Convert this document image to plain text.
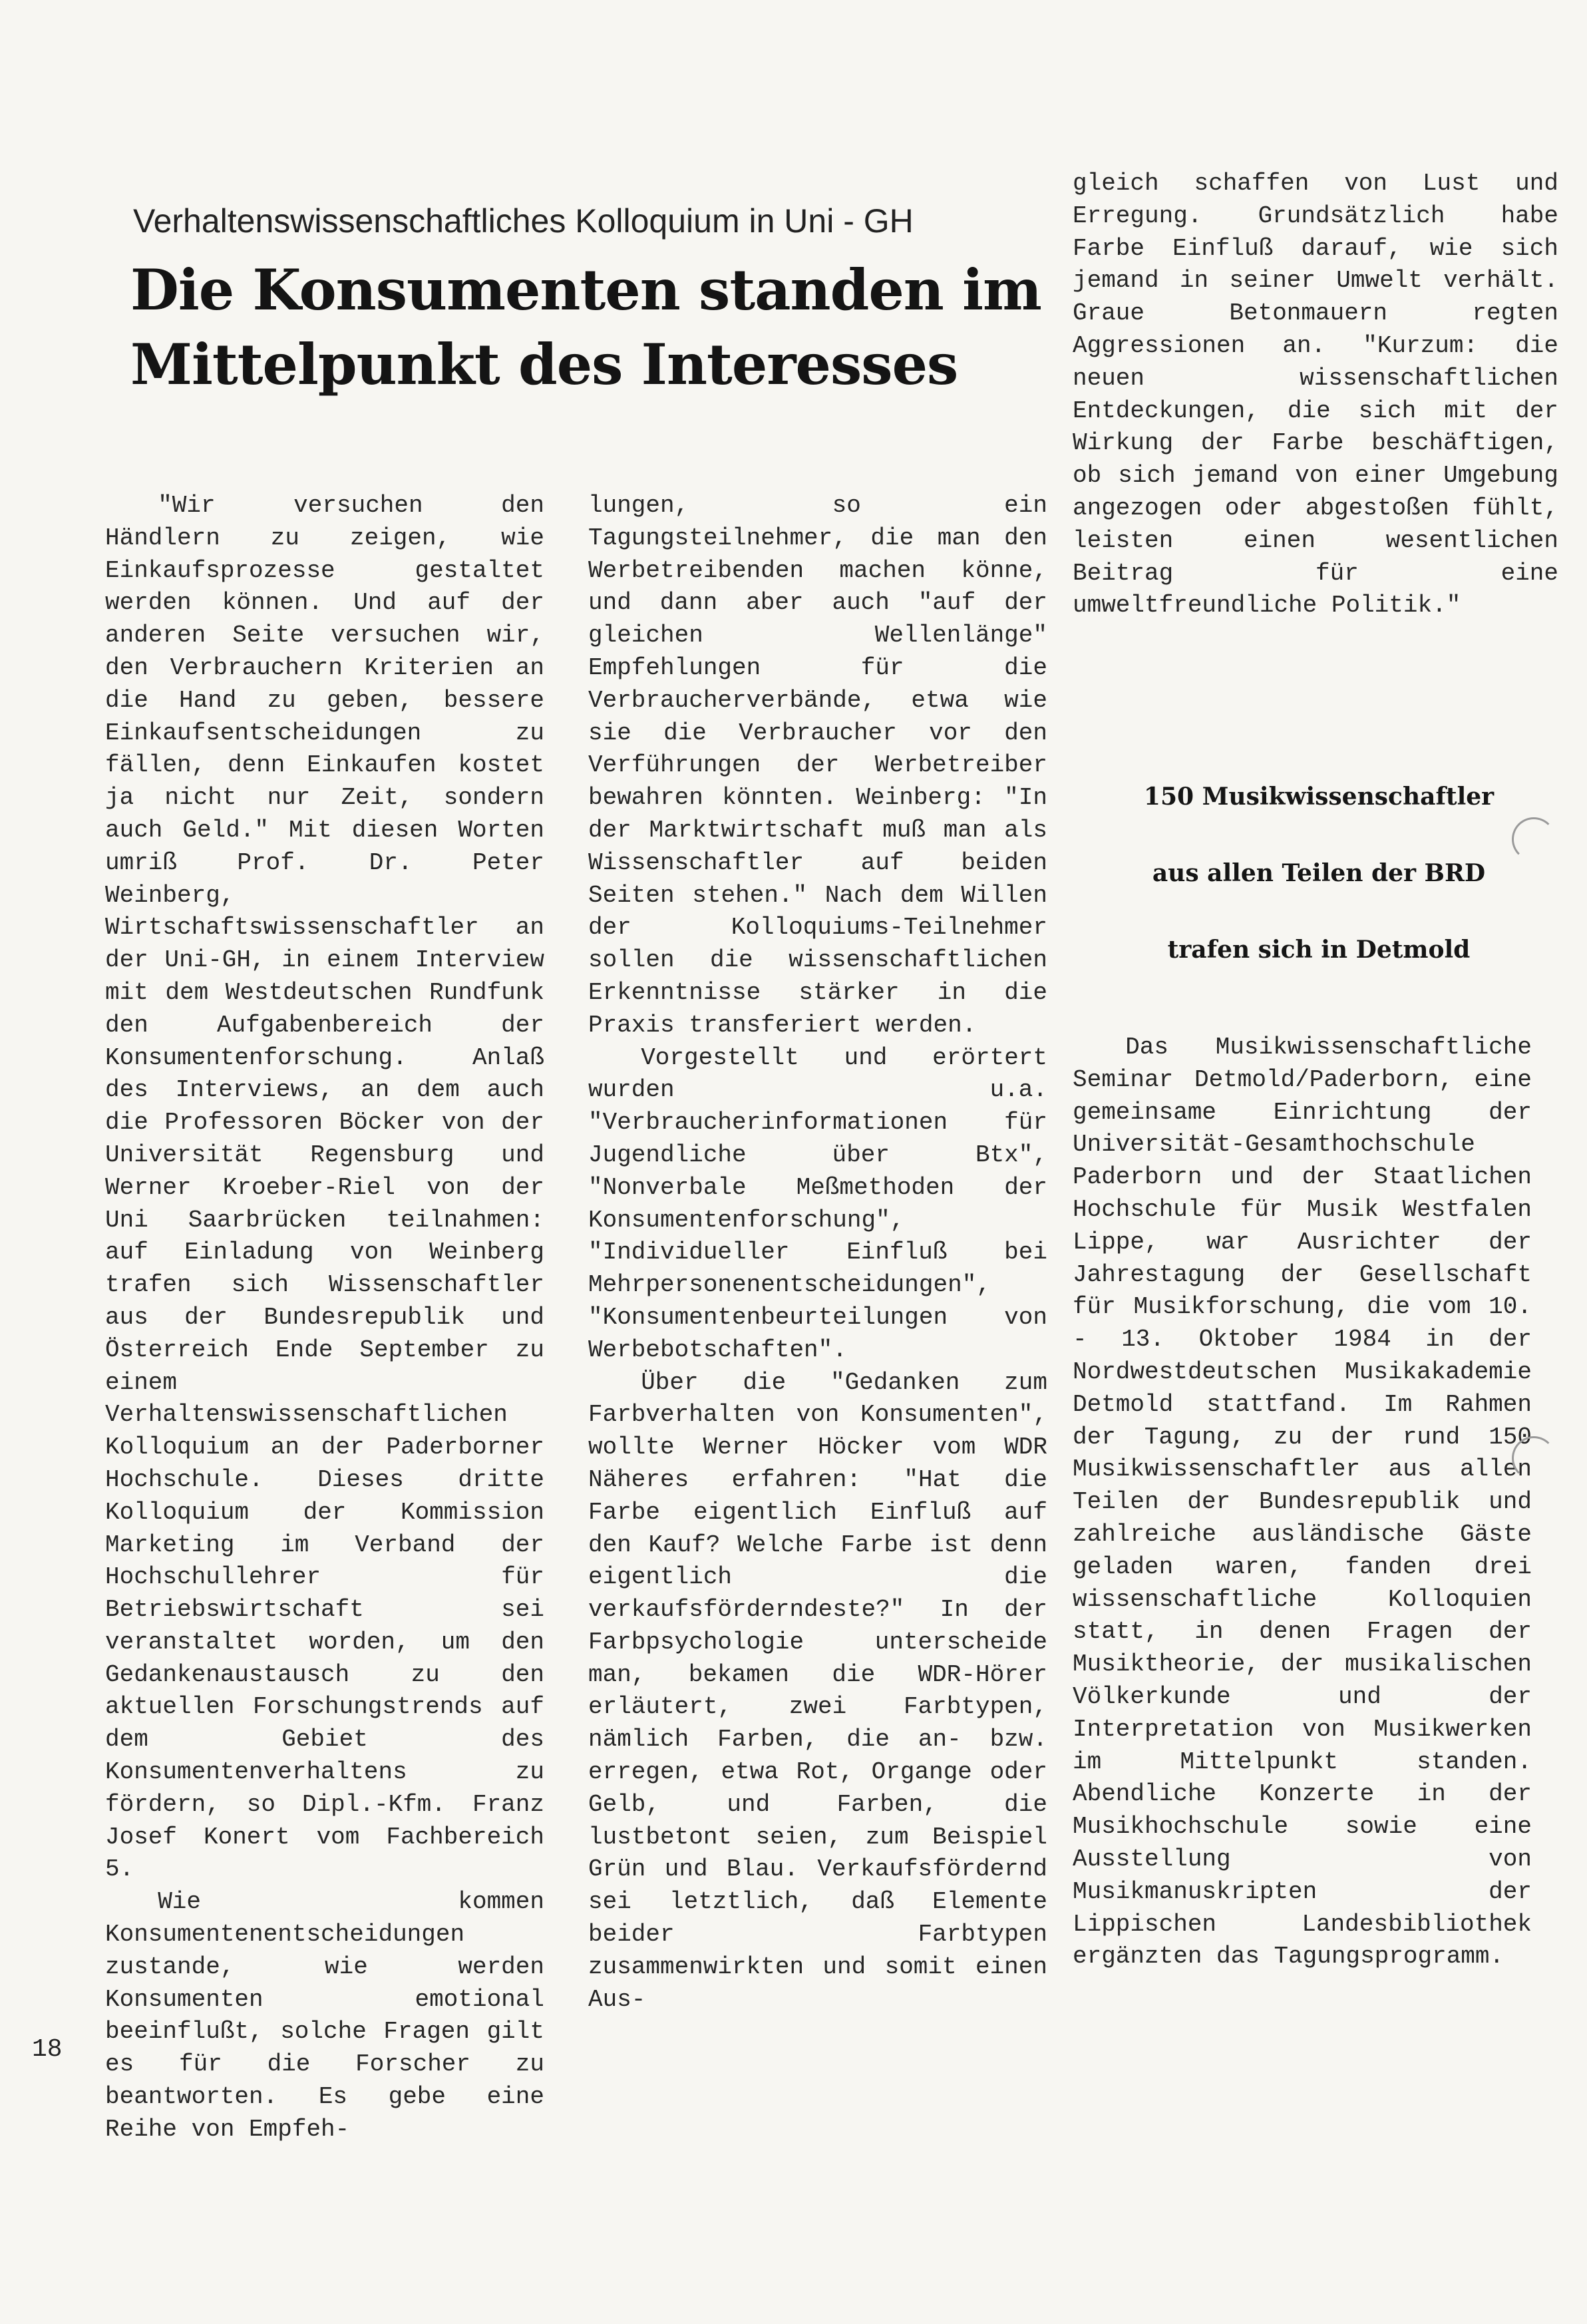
Verhaltenswissenschaftliches Kolloquium in Uni - GH
Die Konsumenten standen im
Mittelpunkt des Interesses

"Wir versuchen den Händlern zu zeigen, wie Einkaufsprozesse gestaltet werden können. Und auf der anderen Seite versuchen wir, den Verbrauchern Kriterien an die Hand zu geben, bessere Einkaufsentscheidungen zu fällen, denn Einkaufen kostet ja nicht nur Zeit, sondern auch Geld." Mit diesen Worten umriß Prof. Dr. Peter Weinberg, Wirtschaftswissenschaftler an der Uni-GH, in einem Interview mit dem Westdeutschen Rundfunk den Aufgabenbereich der Konsumentenforschung. Anlaß des Interviews, an dem auch die Professoren Böcker von der Universität Regensburg und Werner Kroeber-Riel von der Uni Saarbrücken teilnahmen: auf Einladung von Weinberg trafen sich Wissenschaftler aus der Bundesrepublik und Österreich Ende September zu einem Verhaltenswissenschaftlichen Kolloquium an der Paderborner Hochschule. Dieses dritte Kolloquium der Kommission Marketing im Verband der Hochschullehrer für Betriebswirtschaft sei veranstaltet worden, um den Gedankenaustausch zu den aktuellen Forschungstrends auf dem Gebiet des Konsumentenverhaltens zu fördern, so Dipl.-Kfm. Franz Josef Konert vom Fachbereich 5.

Wie kommen Konsumentenentscheidungen zustande, wie werden Konsumenten emotional beeinflußt, solche Fragen gilt es für die Forscher zu beantworten. Es gebe eine Reihe von Empfeh-

lungen, so ein Tagungsteilnehmer, die man den Werbetreibenden machen könne, und dann aber auch "auf der gleichen Wellenlänge" Empfehlungen für die Verbraucherverbände, etwa wie sie die Verbraucher vor den Verführungen der Werbetreiber bewahren könnten. Weinberg: "In der Marktwirtschaft muß man als Wissenschaftler auf beiden Seiten stehen." Nach dem Willen der Kolloquiums-Teilnehmer sollen die wissenschaftlichen Erkenntnisse stärker in die Praxis transferiert werden.

Vorgestellt und erörtert wurden u.a. "Verbraucherinformationen für Jugendliche über Btx", "Nonverbale Meßmethoden der Konsumentenforschung", "Individueller Einfluß bei Mehrpersonenentscheidungen", "Konsumentenbeurteilungen von Werbebotschaften".

Über die "Gedanken zum Farbverhalten von Konsumenten", wollte Werner Höcker vom WDR Näheres erfahren: "Hat die Farbe eigentlich Einfluß auf den Kauf? Welche Farbe ist denn eigentlich die verkaufsförderndeste?" In der Farbpsychologie unterscheide man, bekamen die WDR-Hörer erläutert, zwei Farbtypen, nämlich Farben, die an- bzw. erregen, etwa Rot, Organge oder Gelb, und Farben, die lustbetont seien, zum Beispiel Grün und Blau. Verkaufsfördernd sei letztlich, daß Elemente beider Farbtypen zusammenwirkten und somit einen Aus-

gleich schaffen von Lust und Erregung. Grundsätzlich habe Farbe Einfluß darauf, wie sich jemand in seiner Umwelt verhält. Graue Betonmauern regten Aggressionen an. "Kurzum: die neuen wissenschaftlichen Entdeckungen, die sich mit der Wirkung der Farbe beschäftigen, ob sich jemand von einer Umgebung angezogen oder abgestoßen fühlt, leisten einen wesentlichen Beitrag für eine umweltfreundliche Politik."

150 Musikwissenschaftler
aus allen Teilen der BRD
trafen sich in Detmold

Das Musikwissenschaftliche Seminar Detmold/Paderborn, eine gemeinsame Einrichtung der Universität-Gesamthochschule Paderborn und der Staatlichen Hochschule für Musik Westfalen Lippe, war Ausrichter der Jahrestagung der Gesellschaft für Musikforschung, die vom 10. - 13. Oktober 1984 in der Nordwestdeutschen Musikakademie Detmold stattfand. Im Rahmen der Tagung, zu der rund 150 Musikwissenschaftler aus allen Teilen der Bundesrepublik und zahlreiche ausländische Gäste geladen waren, fanden drei wissenschaftliche Kolloquien statt, in denen Fragen der Musiktheorie, der musikalischen Völkerkunde und der Interpretation von Musikwerken im Mittelpunkt standen. Abendliche Konzerte in der Musikhochschule sowie eine Ausstellung von Musikmanuskripten der Lippischen Landesbibliothek ergänzten das Tagungsprogramm.

18
